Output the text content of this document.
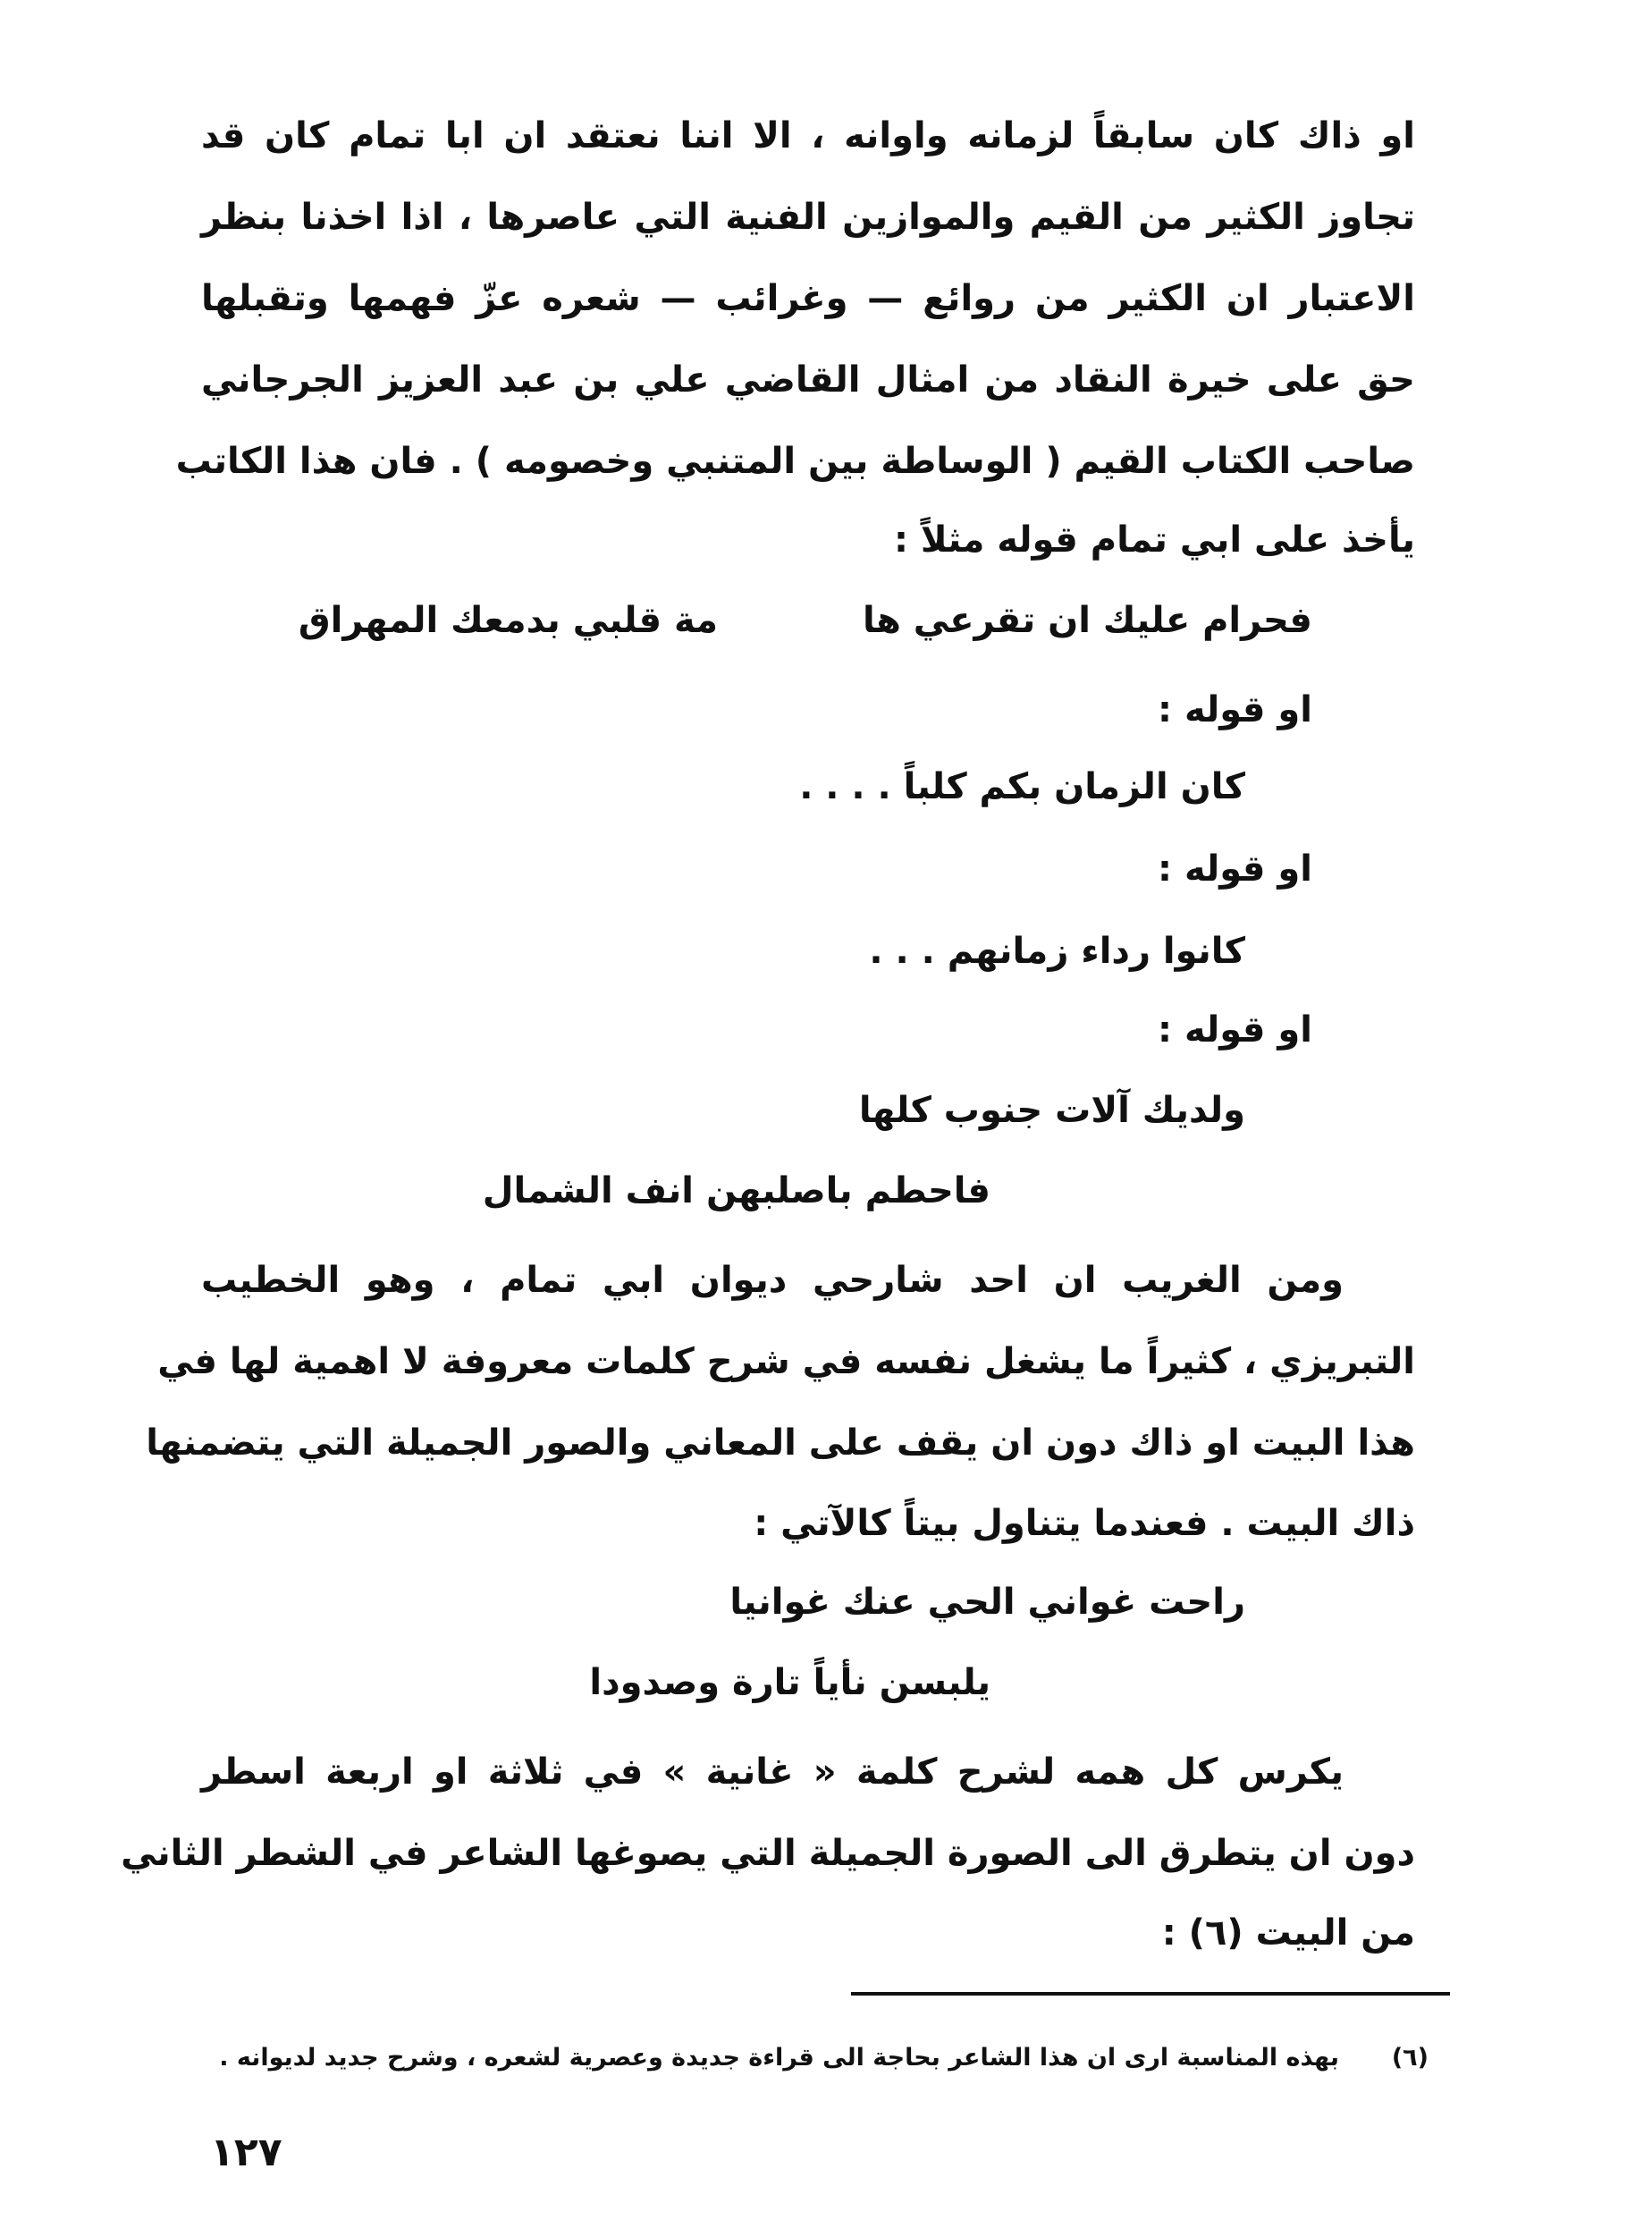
او ذاك كان سابقاً لزمانه واوانه ، الا اننا نعتقد ان ابا تمام كان قد
تجاوز الكثير من القيم والموازين الفنية التي عاصرها ، اذا اخذنا بنظر
الاعتبار ان الكثير من روائع — وغرائب — شعره عزّ فهمها وتقبلها
حق على خيرة النقاد من امثال القاضي علي بن عبد العزيز الجرجاني
صاحب الكتاب القيم ( الوساطة بين المتنبي وخصومه ) . فان هذا الكاتب
يأخذ على ابي تمام قوله مثلاً :
فحرام عليك ان تقرعي ها
مة قلبي بدمعك المهراق
او قوله :
كان الزمان بكم كلباً . . . .
او قوله :
كانوا رداء زمانهم . . .
او قوله :
ولديك آلات جنوب كلها
فاحطم باصلبهن انف الشمال
ومن الغريب ان احد شارحي ديوان ابي تمام ، وهو الخطيب
التبريزي ، كثيراً ما يشغل نفسه في شرح كلمات معروفة لا اهمية لها في
هذا البيت او ذاك دون ان يقف على المعاني والصور الجميلة التي يتضمنها
ذاك البيت . فعندما يتناول بيتاً كالآتي :
راحت غواني الحي عنك غوانيا
يلبسن نأياً تارة وصدودا
يكرس كل همه لشرح كلمة « غانية » في ثلاثة او اربعة اسطر
دون ان يتطرق الى الصورة الجميلة التي يصوغها الشاعر في الشطر الثاني
من البيت (٦) :
(٦)  بهذه المناسبة ارى ان هذا الشاعر بحاجة الى قراءة جديدة وعصرية لشعره ، وشرح جديد لديوانه .
١٢٧
